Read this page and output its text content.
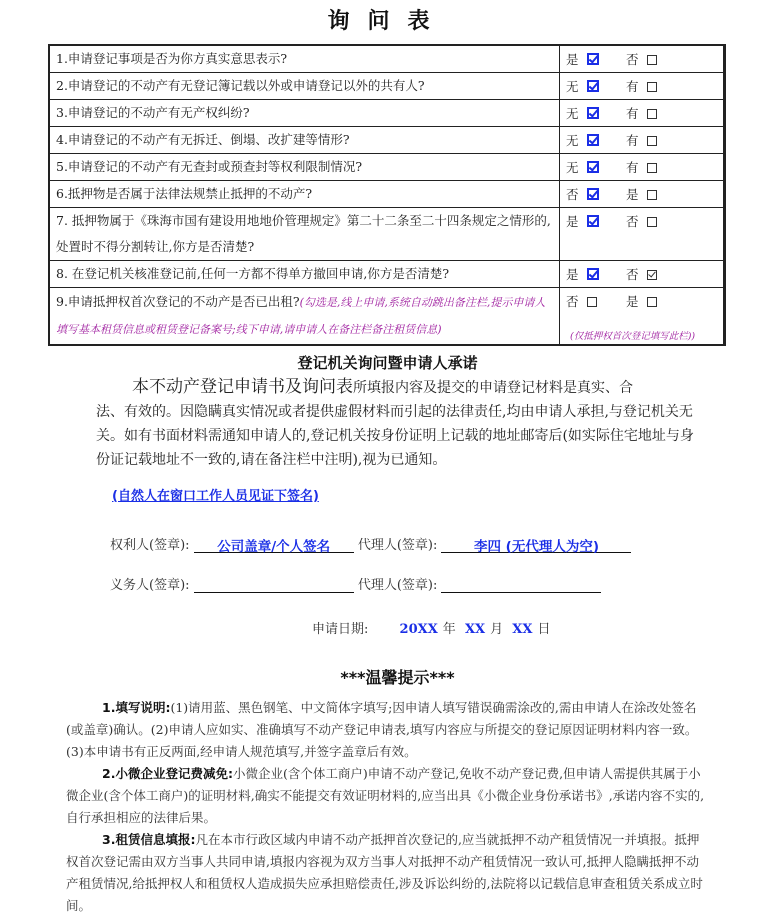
询问表
1.申请登记事项是否为你方真实意思表示?	是 否
2.申请登记的不动产有无登记簿记载以外或申请登记以外的共有人?	无 有
3.申请登记的不动产有无产权纠纷?	无 有
4.申请登记的不动产有无拆迁、倒塌、改扩建等情形?	无 有
5.申请登记的不动产有无查封或预查封等权利限制情况?	无 有
6.抵押物是否属于法律法规禁止抵押的不动产?	否 是
7. 抵押物属于《珠海市国有建设用地地价管理规定》第二十二条至二十四条规定之情形的,处置时不得分割转让,你方是否清楚?	是 否
8. 在登记机关核准登记前,任何一方都不得单方撤回申请,你方是否清楚?	是 否
9.申请抵押权首次登记的不动产是否已出租?(勾选是,线上申请,系统自动跳出备注栏,提示申请人填写基本租赁信息或租赁登记备案号;线下申请,请申请人在备注栏备注租赁信息)	否 是
(仅抵押权首次登记填写此栏))
登记机关询问暨申请人承诺
本不动产登记申请书及询问表所填报内容及提交的申请登记材料是真实、合
法、有效的。因隐瞒真实情况或者提供虚假材料而引起的法律责任,均由申请人承担,与登记机关无关。如有书面材料需通知申请人的,登记机关按身份证明上记载的地址邮寄后(如实际住宅地址与身份证记载地址不一致的,请在备注栏中注明),视为已通知。
(自然人在窗口工作人员见证下签名)
权利人(签章): 公司盖章/个人签名 代理人(签章):	李四 (无代理人为空)
义务人(签章):	代理人(签章):
申请日期: 20XX 年 XX 月 XX 日
***温馨提示***

1.填写说明:(1)请用蓝、黑色钢笔、中文简体字填写;因申请人填写错误确需涂改的,需由申请人在涂改处签名(或盖章)确认。(2)申请人应如实、准确填写不动产登记申请表,填写内容应与所提交的登记原因证明材料内容一致。(3)本申请书有正反两面,经申请人规范填写,并签字盖章后有效。

2.小微企业登记费减免:小微企业(含个体工商户)申请不动产登记,免收不动产登记费,但申请人需提供其属于小微企业(含个体工商户)的证明材料,确实不能提交有效证明材料的,应当出具《小微企业身份承诺书》,承诺内容不实的,自行承担相应的法律后果。

3.租赁信息填报:凡在本市行政区域内申请不动产抵押首次登记的,应当就抵押不动产租赁情况一并填报。抵押权首次登记需由双方当事人共同申请,填报内容视为双方当事人对抵押不动产租赁情况一致认可,抵押人隐瞒抵押不动产租赁情况,给抵押权人和租赁权人造成损失应承担赔偿责任,涉及诉讼纠纷的,法院将以记载信息审查租赁关系成立时间。
